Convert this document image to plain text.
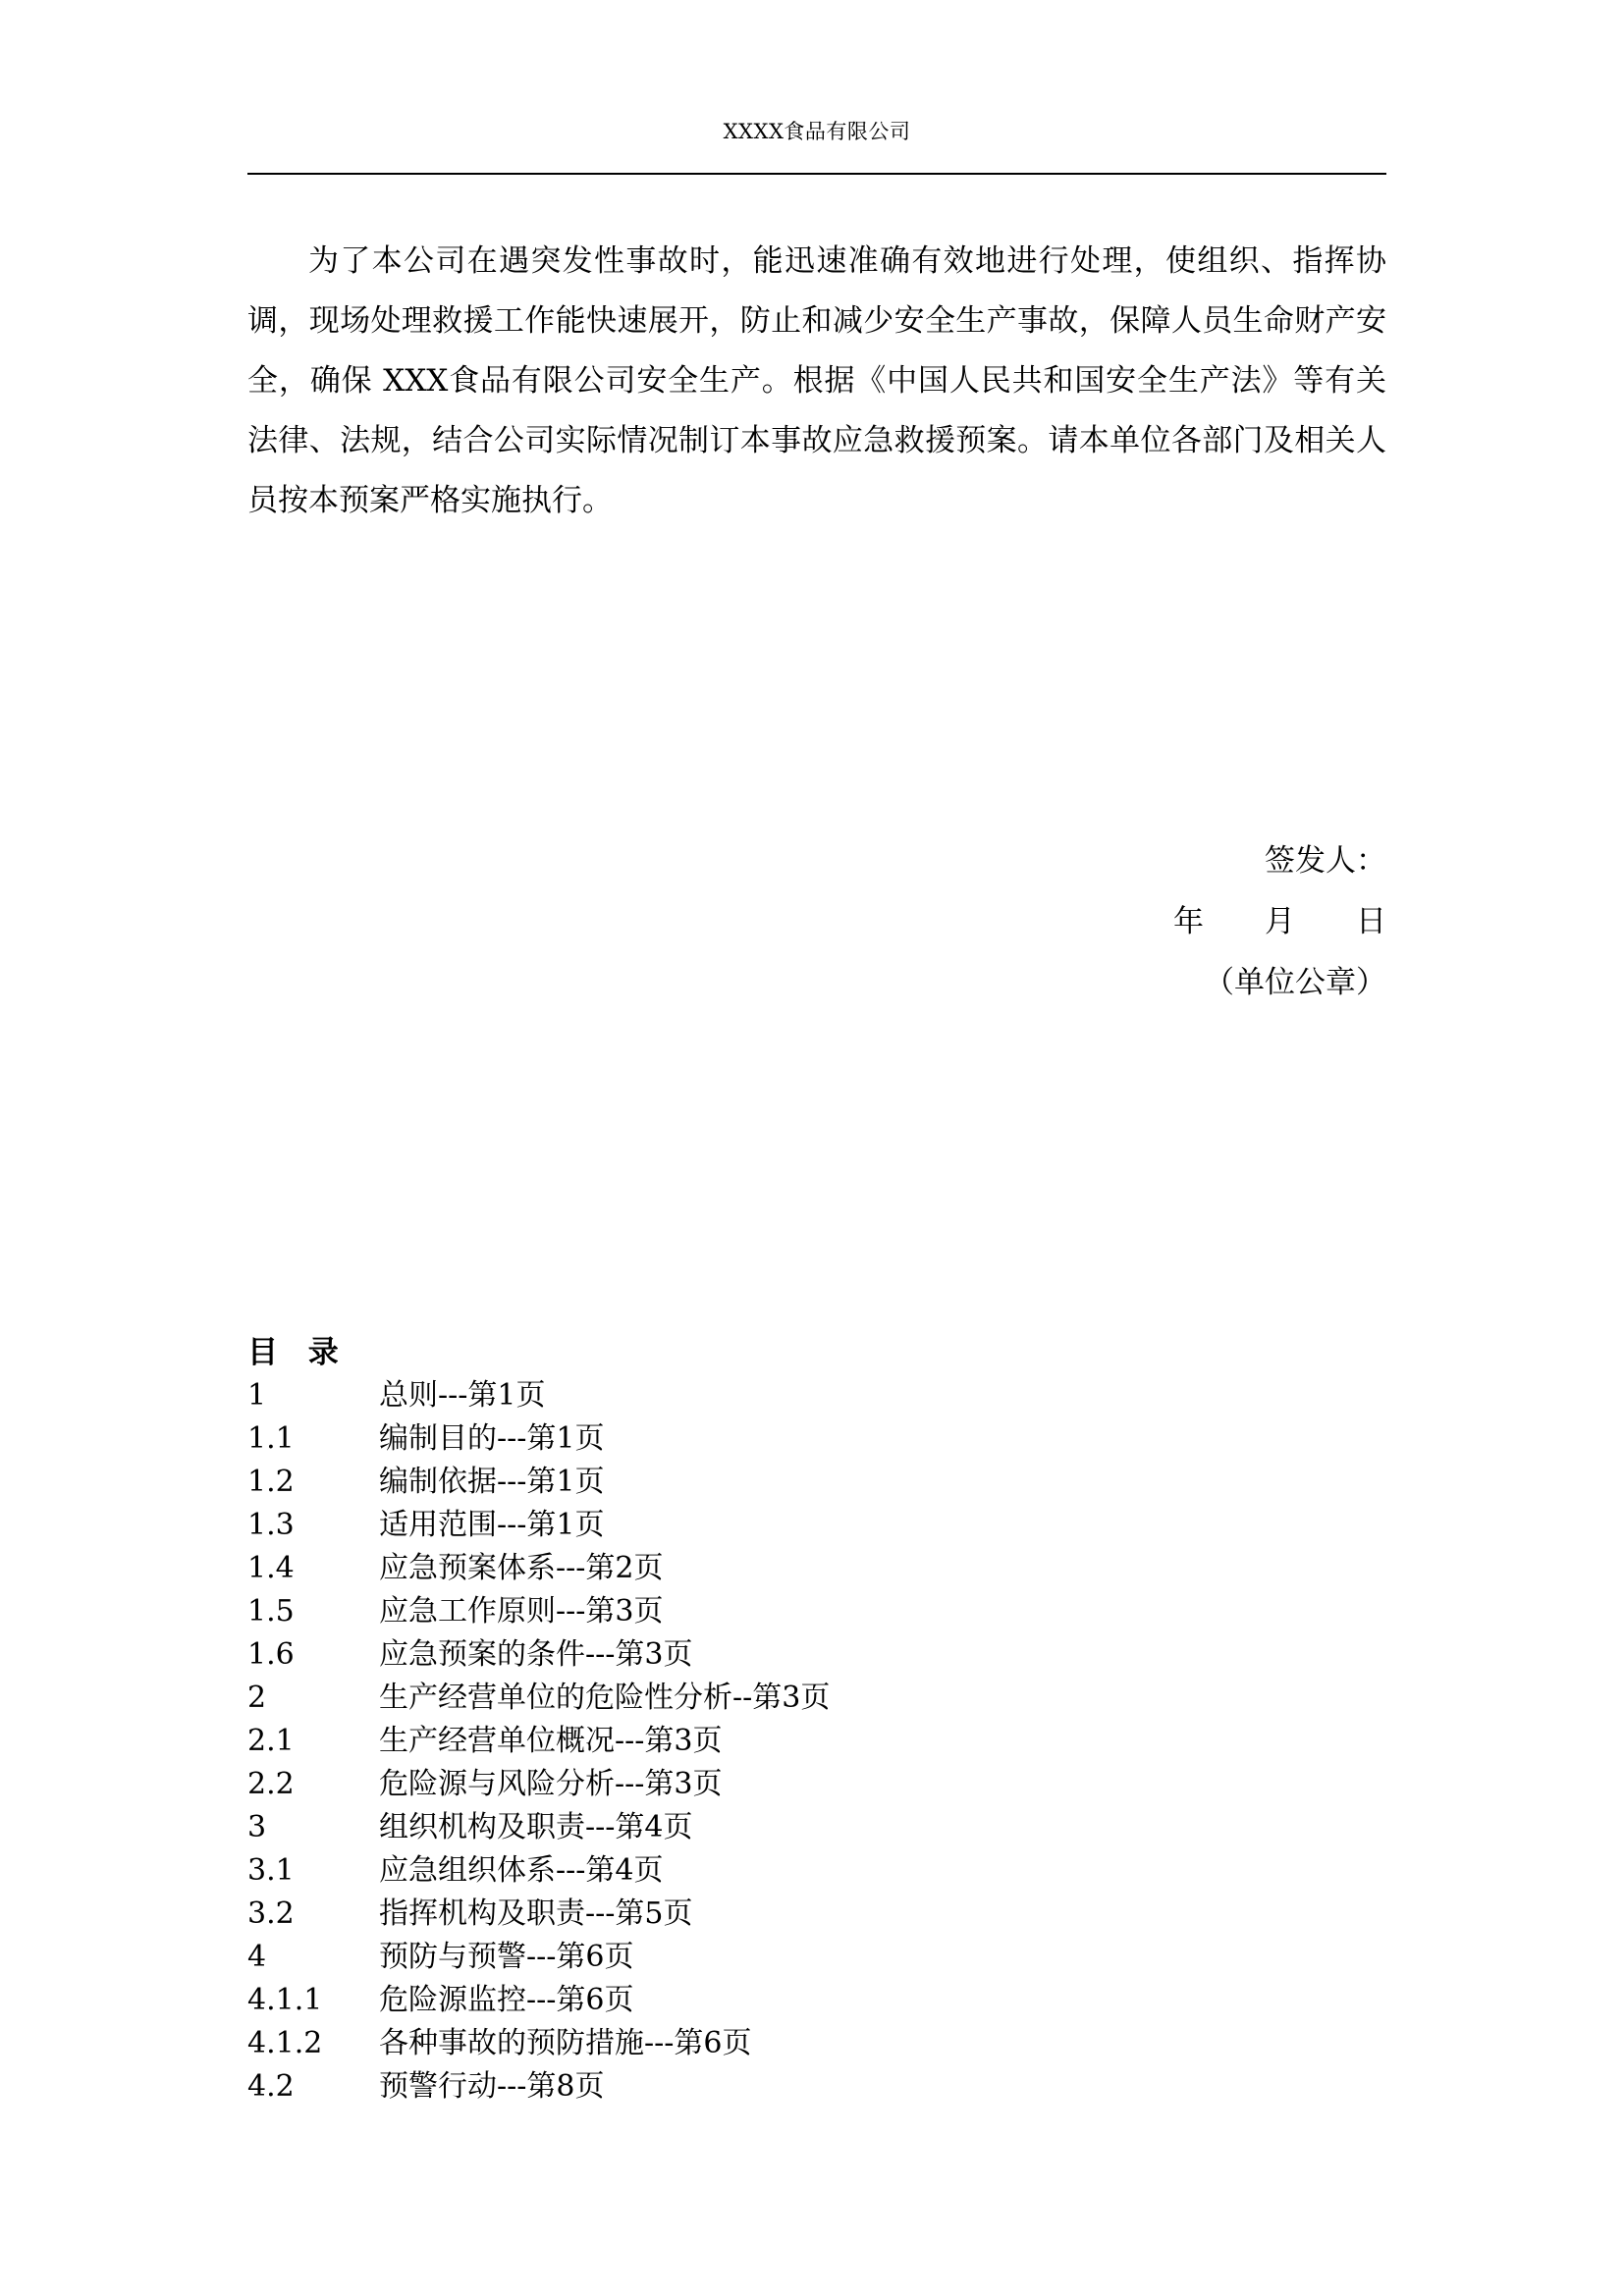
XXXX食品有限公司

为了本公司在遇突发性事故时，能迅速准确有效地进行处理，使组织、指挥协调，现场处理救援工作能快速展开，防止和减少安全生产事故，保障人员生命财产安全，确保 XXX食品有限公司安全生产。根据《中国人民共和国安全生产法》等有关法律、法规，结合公司实际情况制订本事故应急救援预案。请本单位各部门及相关人员按本预案严格实施执行。

签发人：
年　　月　　日
（单位公章）
目 录
1	总则---第1页
1.1	编制目的---第1页
1.2	编制依据---第1页
1.3	适用范围---第1页
1.4	应急预案体系---第2页
1.5	应急工作原则---第3页
1.6	应急预案的条件---第3页
2	生产经营单位的危险性分析--第3页
2.1	生产经营单位概况---第3页
2.2	危险源与风险分析---第3页
3	组织机构及职责---第4页
3.1	应急组织体系---第4页
3.2	指挥机构及职责---第5页
4	预防与预警---第6页
4.1.1 危险源监控---第6页
4.1.2 各种事故的预防措施---第6页
4.2	预警行动---第8页
